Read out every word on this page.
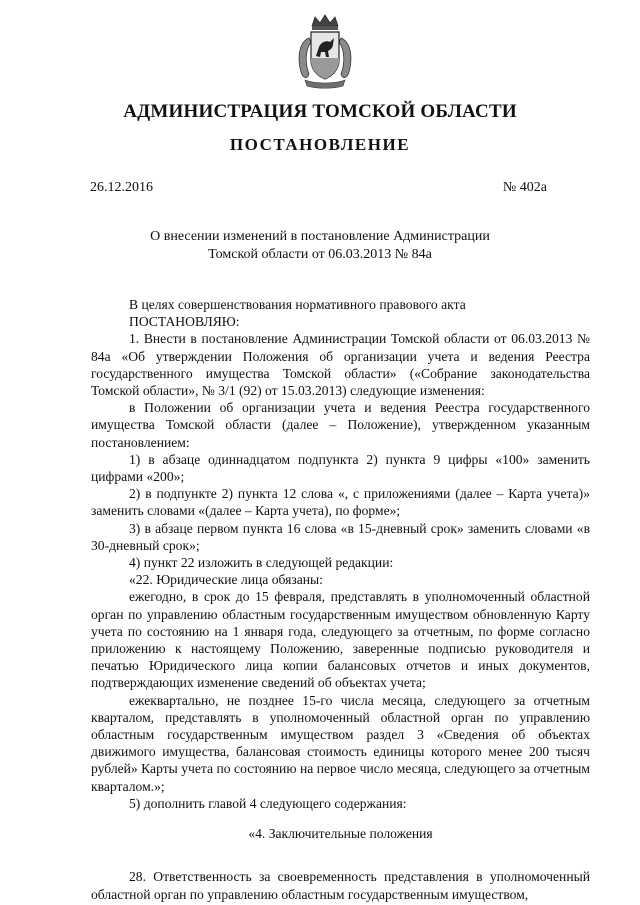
АДМИНИСТРАЦИЯ ТОМСКОЙ ОБЛАСТИ
ПОСТАНОВЛЕНИЕ
26.12.2016	№ 402а
О внесении изменений в постановление Администрации
Томской области от 06.03.2013 № 84а

В целях совершенствования нормативного правового акта

ПОСТАНОВЛЯЮ:

1. Внести в постановление Администрации Томской области от 06.03.2013 № 84а «Об утверждении Положения об организации учета и ведения Реестра государственного имущества Томской области» («Собрание законодательства Томской области», № 3/1 (92) от 15.03.2013) следующие изменения:

в Положении об организации учета и ведения Реестра государственного имущества Томской области (далее – Положение), утвержденном указанным постановлением:

1) в абзаце одиннадцатом подпункта 2) пункта 9 цифры «100» заменить цифрами «200»;

2) в подпункте 2) пункта 12 слова «, с приложениями (далее – Карта учета)» заменить словами «(далее – Карта учета), по форме»;

3) в абзаце первом пункта 16 слова «в 15-дневный срок» заменить словами «в 30-дневный срок»;

4) пункт 22 изложить в следующей редакции:

«22. Юридические лица обязаны:

ежегодно, в срок до 15 февраля, представлять в уполномоченный областной орган по управлению областным государственным имуществом обновленную Карту учета по состоянию на 1 января года, следующего за отчетным, по форме согласно приложению к настоящему Положению, заверенные подписью руководителя и печатью Юридического лица копии балансовых отчетов и иных документов, подтверждающих изменение сведений об объектах учета;

ежеквартально, не позднее 15-го числа месяца, следующего за отчетным кварталом, представлять в уполномоченный областной орган по управлению областным государственным имуществом раздел 3 «Сведения об объектах движимого имущества, балансовая стоимость единицы которого менее 200 тысяч рублей» Карты учета по состоянию на первое число месяца, следующего за отчетным кварталом.»;

5) дополнить главой 4 следующего содержания:

«4. Заключительные положения

28. Ответственность за своевременность представления в уполномоченный областной орган по управлению областным государственным имуществом,
